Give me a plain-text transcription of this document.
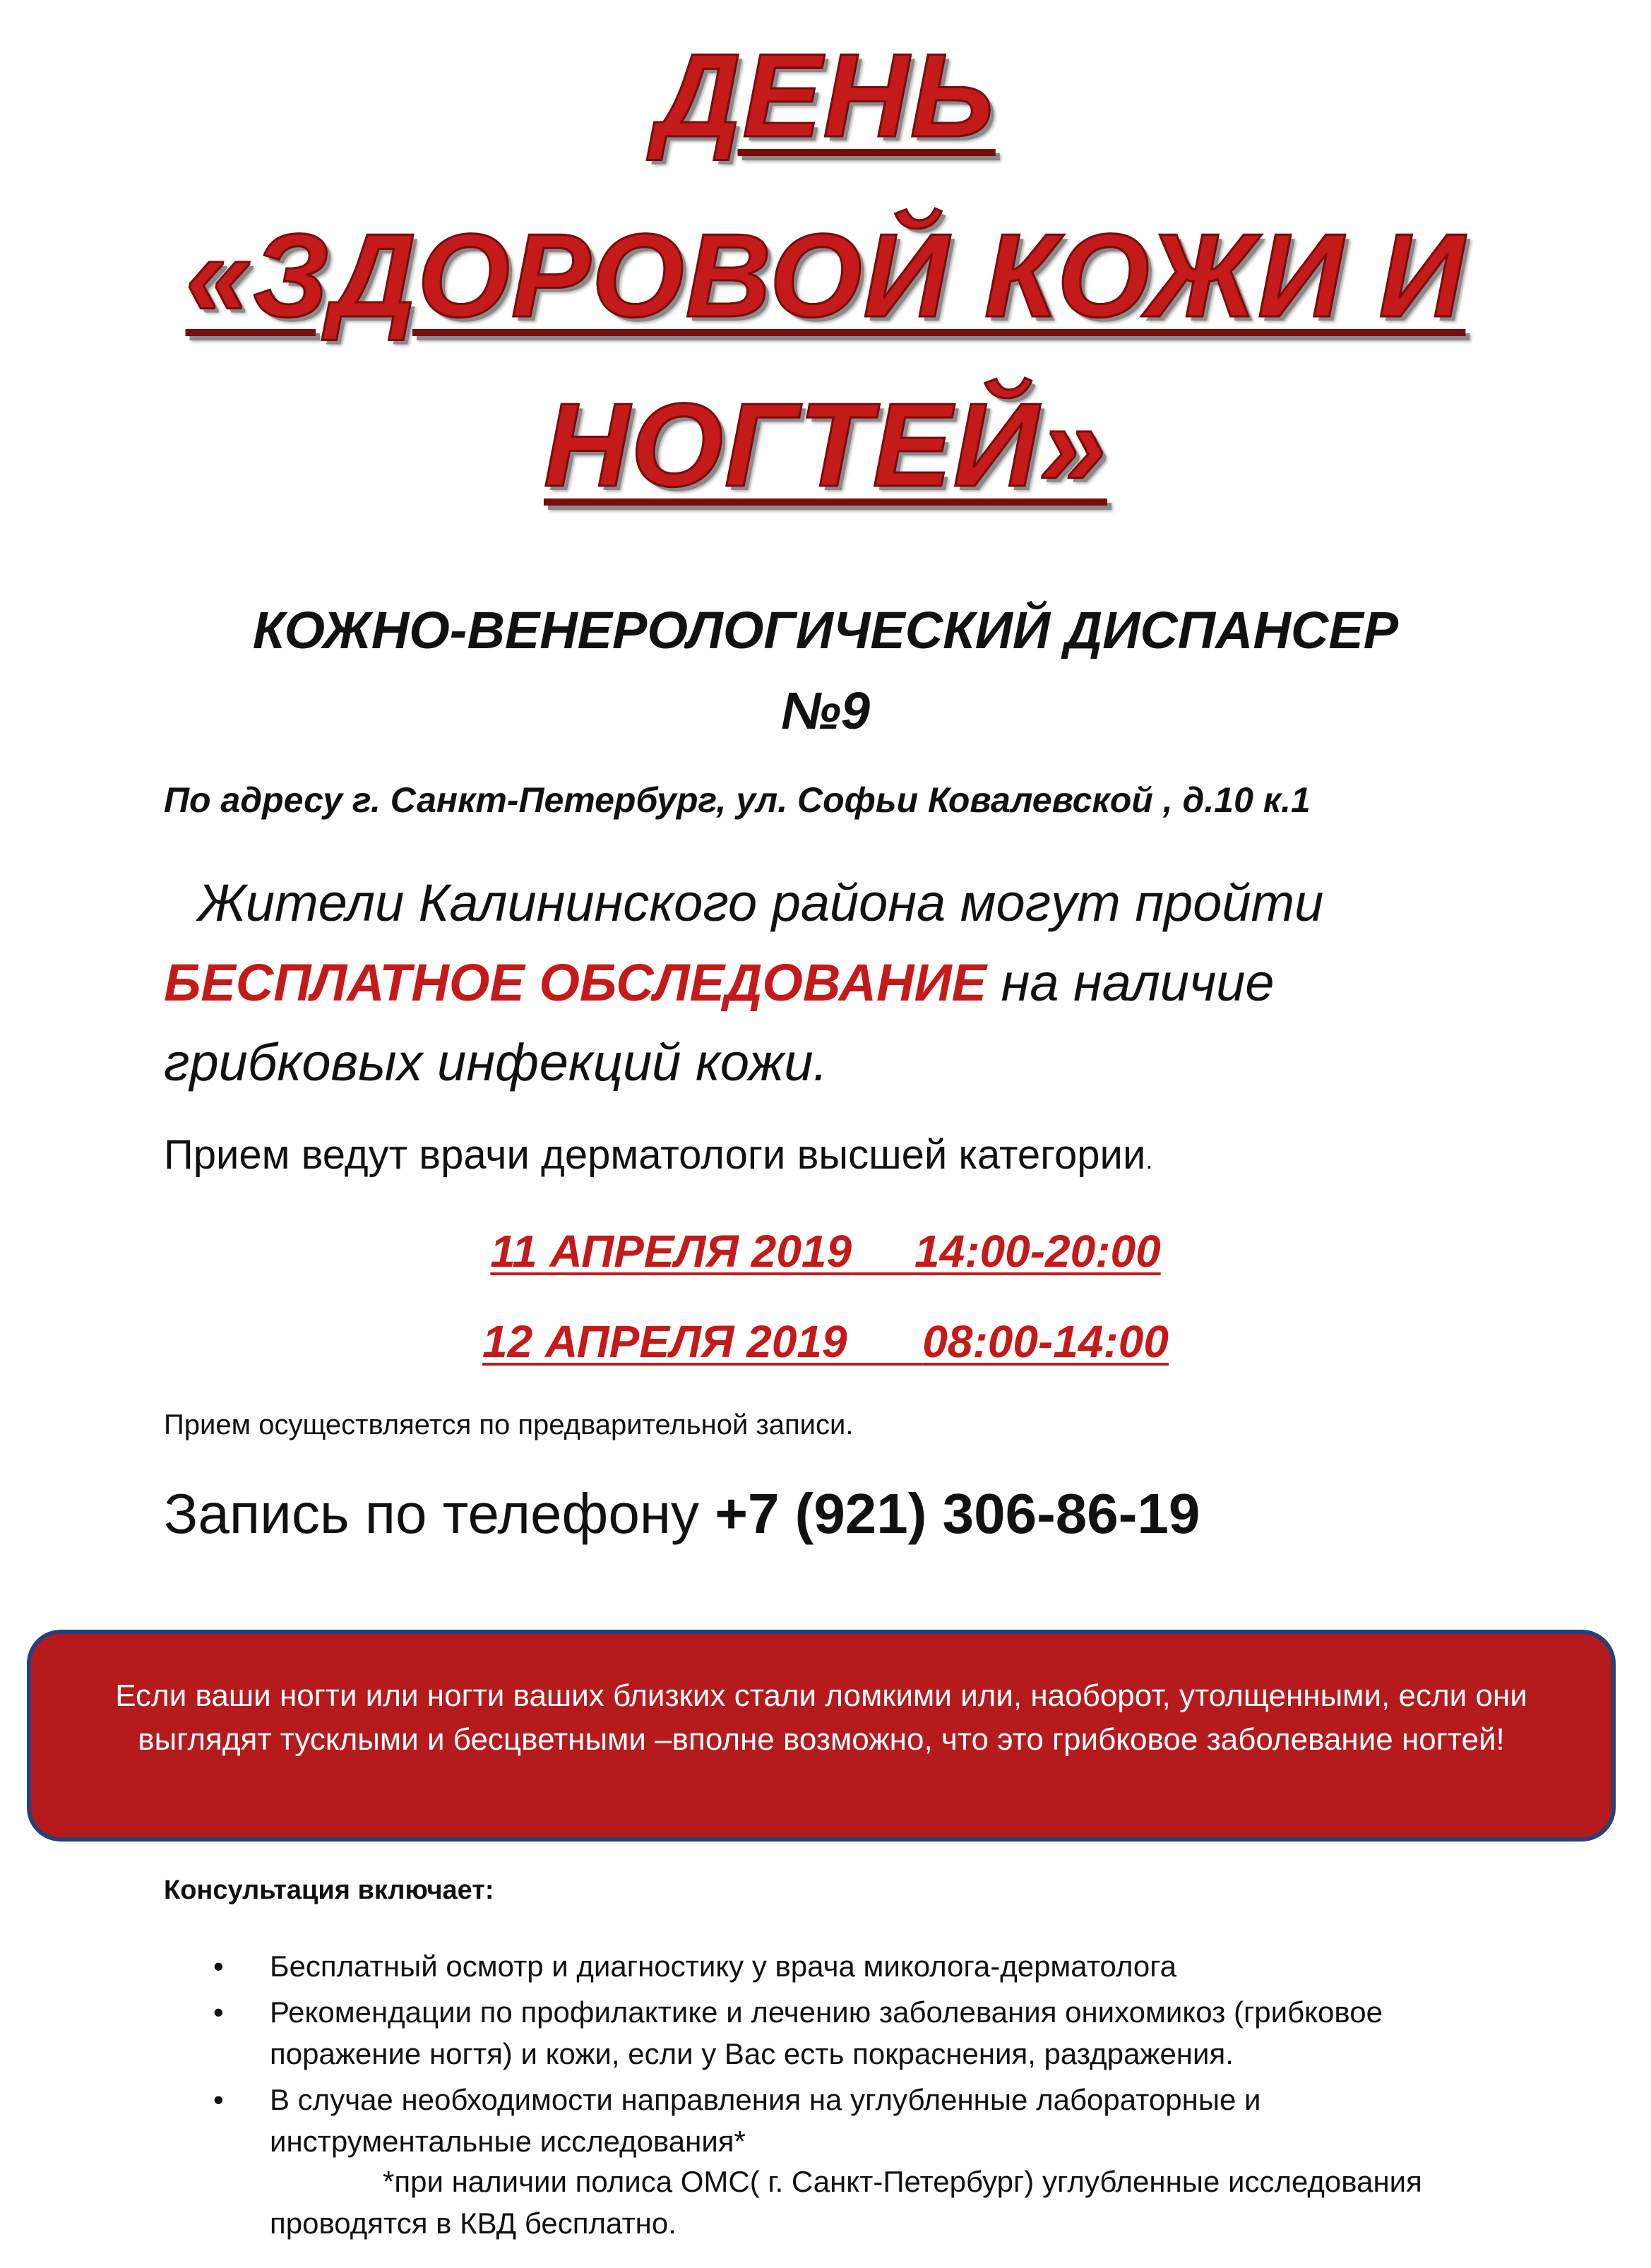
ДЕНЬ
«ЗДОРОВОЙ КОЖИ И
НОГТЕЙ»
КОЖНО-ВЕНЕРОЛОГИЧЕСКИЙ ДИСПАНСЕР
№9
По адресу г. Санкт-Петербург, ул. Софьи Ковалевской , д.10 к.1
Жители Калининского района могут пройти
БЕСПЛАТНОЕ ОБСЛЕДОВАНИЕ на наличие
грибковых инфекций кожи.
Прием ведут врачи дерматологи высшей категории.
11 АПРЕЛЯ 2019 14:00-20:00
12 АПРЕЛЯ 2019 08:00-14:00
Прием осуществляется по предварительной записи.
Запись по телефону +7 (921) 306-86-19
Если ваши ногти или ногти ваших близких стали ломкими или, наоборот, утолщенными, если они
выглядят тусклыми и бесцветными –вполне возможно, что это грибковое заболевание ногтей!
Консультация включает:
• Бесплатный осмотр и диагностику у врача миколога-дерматолога
• Рекомендации по профилактике и лечению заболевания онихомикоз (грибковое
поражение ногтя) и кожи, если у Вас есть покраснения, раздражения.
• В случае необходимости направления на углубленные лабораторные и
инструментальные исследования*
*при наличии полиса ОМС( г. Санкт-Петербург) углубленные исследования
проводятся в КВД бесплатно.
